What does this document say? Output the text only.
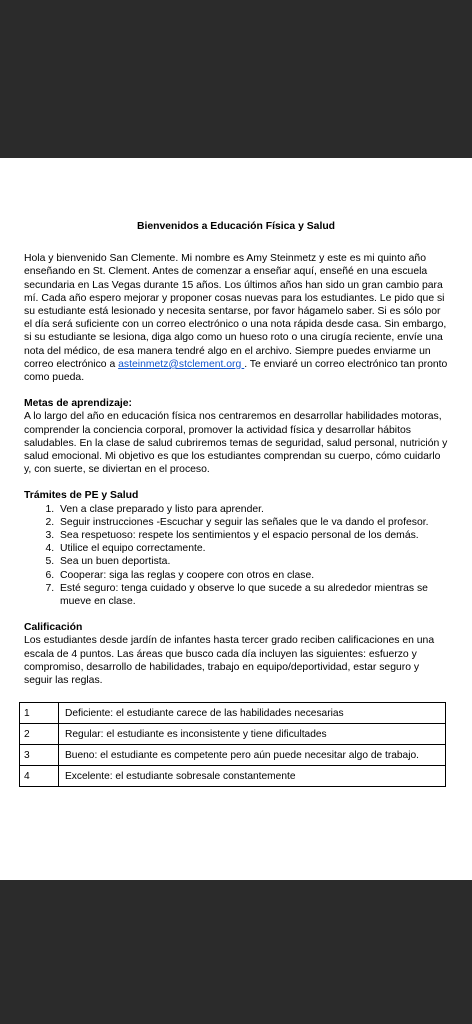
Bienvenidos a Educación Física y Salud

Hola y bienvenido San Clemente. Mi nombre es Amy Steinmetz y este es mi quinto año enseñando en St. Clement. Antes de comenzar a enseñar aquí, enseñé en una escuela secundaria en Las Vegas durante 15 años. Los últimos años han sido un gran cambio para mí. Cada año espero mejorar y proponer cosas nuevas para los estudiantes. Le pido que si su estudiante está lesionado y necesita sentarse, por favor hágamelo saber. Si es sólo por el día será suficiente con un correo electrónico o una nota rápida desde casa. Sin embargo, si su estudiante se lesiona, diga algo como un hueso roto o una cirugía reciente, envíe una nota del médico, de esa manera tendré algo en el archivo. Siempre puedes enviarme un correo electrónico a asteinmetz@stclement.org . Te enviaré un correo electrónico tan pronto como pueda.

Metas de aprendizaje:

A lo largo del año en educación física nos centraremos en desarrollar habilidades motoras, comprender la conciencia corporal, promover la actividad física y desarrollar hábitos saludables. En la clase de salud cubriremos temas de seguridad, salud personal, nutrición y salud emocional. Mi objetivo es que los estudiantes comprendan su cuerpo, cómo cuidarlo y, con suerte, se diviertan en el proceso.

Trámites de PE y Salud

1. Ven a clase preparado y listo para aprender.
2. Seguir instrucciones -Escuchar y seguir las señales que le va dando el profesor.
3. Sea respetuoso: respete los sentimientos y el espacio personal de los demás.
4. Utilice el equipo correctamente.
5. Sea un buen deportista.
6. Cooperar: siga las reglas y coopere con otros en clase.
7. Esté seguro: tenga cuidado y observe lo que sucede a su alrededor mientras se mueve en clase.

Calificación

Los estudiantes desde jardín de infantes hasta tercer grado reciben calificaciones en una escala de 4 puntos. Las áreas que busco cada día incluyen las siguientes: esfuerzo y compromiso, desarrollo de habilidades, trabajo en equipo/deportividad, estar seguro y seguir las reglas.

1	Deficiente: el estudiante carece de las habilidades necesarias
2	Regular: el estudiante es inconsistente y tiene dificultades
3	Bueno: el estudiante es competente pero aún puede necesitar algo de trabajo.
4	Excelente: el estudiante sobresale constantemente
